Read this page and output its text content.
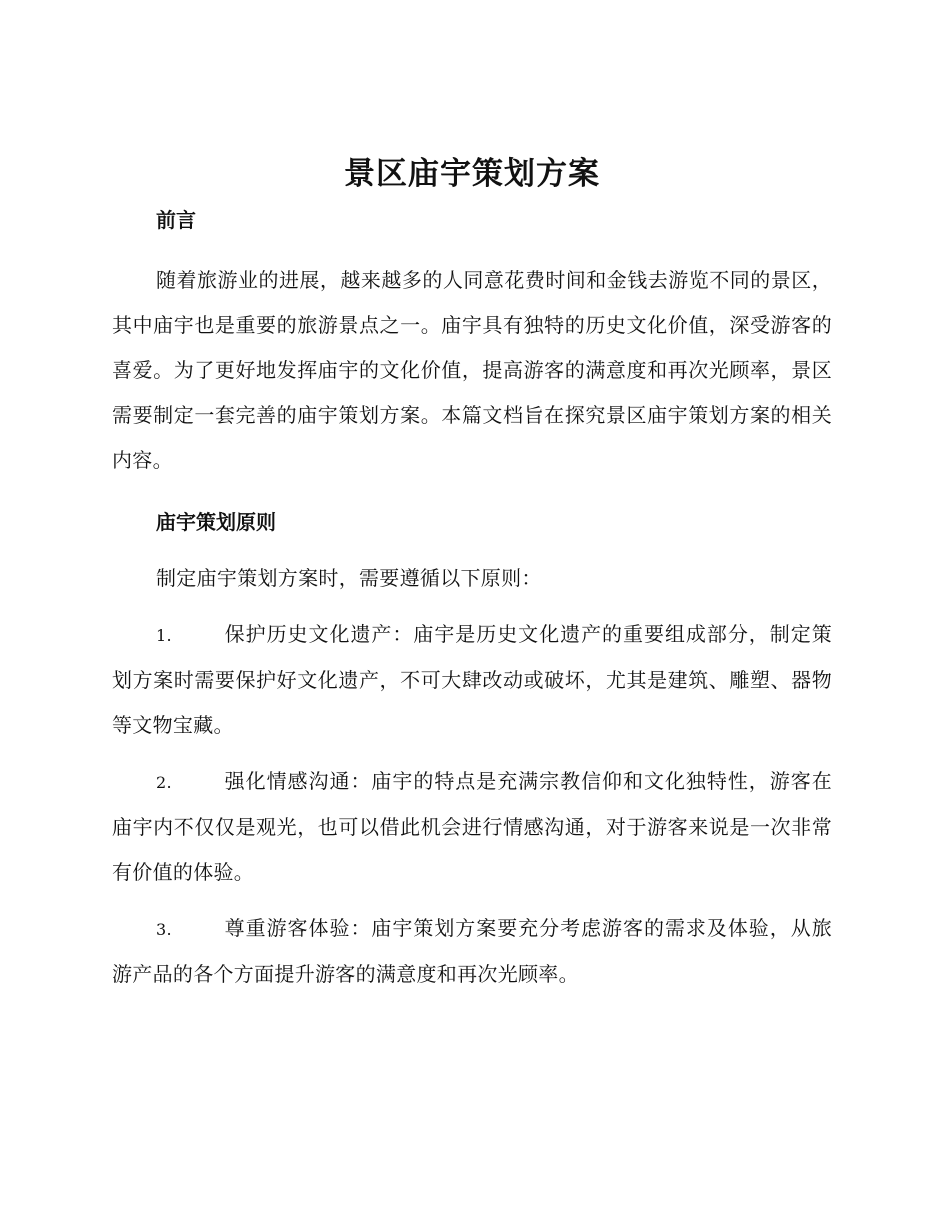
景区庙宇策划方案
前言

随着旅游业的进展，越来越多的人同意花费时间和金钱去游览不同的景区，其中庙宇也是重要的旅游景点之一。庙宇具有独特的历史文化价值，深受游客的喜爱。为了更好地发挥庙宇的文化价值，提高游客的满意度和再次光顾率，景区需要制定一套完善的庙宇策划方案。本篇文档旨在探究景区庙宇策划方案的相关内容。

庙宇策划原则

制定庙宇策划方案时，需要遵循以下原则：

1.	保护历史文化遗产：庙宇是历史文化遗产的重要组成部分，制定策划方案时需要保护好文化遗产，不可大肆改动或破坏，尤其是建筑、雕塑、器物等文物宝藏。

2.	强化情感沟通：庙宇的特点是充满宗教信仰和文化独特性，游客在庙宇内不仅仅是观光，也可以借此机会进行情感沟通，对于游客来说是一次非常有价值的体验。

3.	尊重游客体验：庙宇策划方案要充分考虑游客的需求及体验，从旅游产品的各个方面提升游客的满意度和再次光顾率。
